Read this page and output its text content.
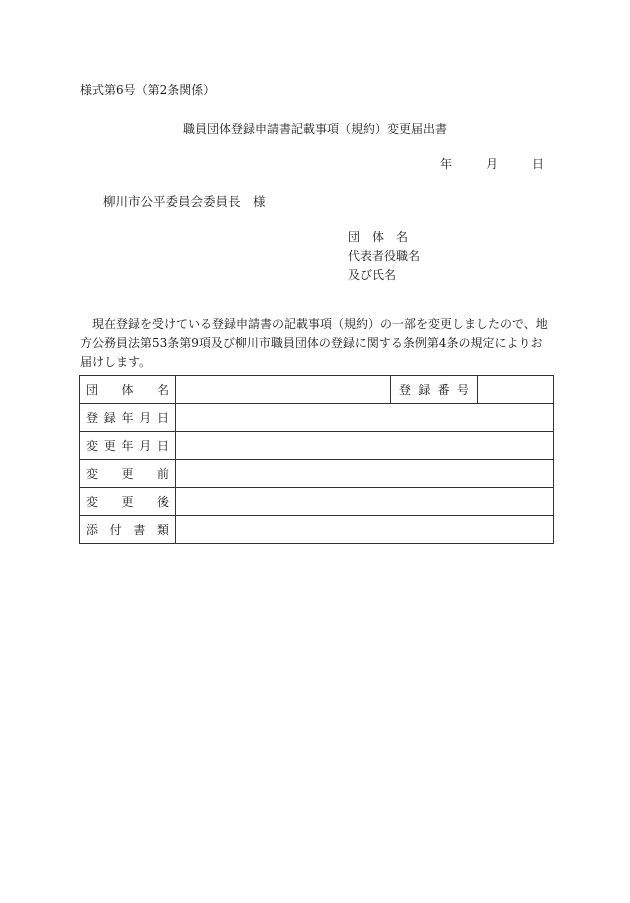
様式第6号（第2条関係）
職員団体登録申請書記載事項（規約）変更届出書
年	月	日
柳川市公平委員会委員長　様
団　体　名
代表者役職名
及び氏名
現在登録を受けている登録申請書の記載事項（規約）の一部を変更しましたので、地方公務員法第53条第9項及び柳川市職員団体の登録に関する条例第4条の規定によりお届けします。
団体名		登録番号	
登録年月日			
変更年月日			
変更前			
変更後			
添付書類			
